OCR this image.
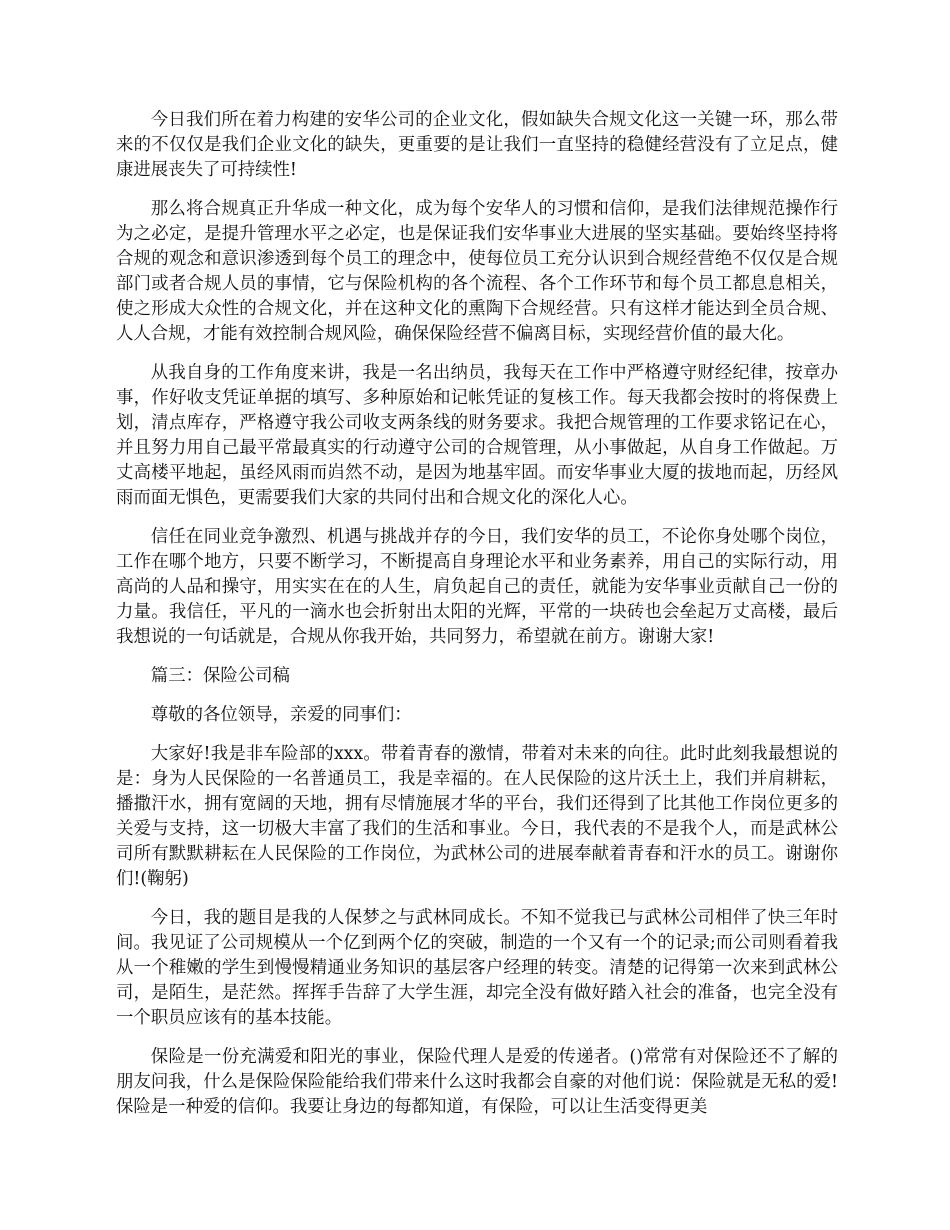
今日我们所在着力构建的安华公司的企业文化，假如缺失合规文化这一关键一环，那么带来的不仅仅是我们企业文化的缺失，更重要的是让我们一直坚持的稳健经营没有了立足点，健康进展丧失了可持续性!

那么将合规真正升华成一种文化，成为每个安华人的习惯和信仰，是我们法律规范操作行为之必定，是提升管理水平之必定，也是保证我们安华事业大进展的坚实基础。要始终坚持将合规的观念和意识渗透到每个员工的理念中，使每位员工充分认识到合规经营绝不仅仅是合规部门或者合规人员的事情，它与保险机构的各个流程、各个工作环节和每个员工都息息相关，使之形成大众性的合规文化，并在这种文化的熏陶下合规经营。只有这样才能达到全员合规、人人合规，才能有效控制合规风险，确保保险经营不偏离目标，实现经营价值的最大化。

从我自身的工作角度来讲，我是一名出纳员，我每天在工作中严格遵守财经纪律，按章办事，作好收支凭证单据的填写、多种原始和记帐凭证的复核工作。每天我都会按时的将保费上划，清点库存，严格遵守我公司收支两条线的财务要求。我把合规管理的工作要求铭记在心，并且努力用自己最平常最真实的行动遵守公司的合规管理，从小事做起，从自身工作做起。万丈高楼平地起，虽经风雨而岿然不动，是因为地基牢固。而安华事业大厦的拔地而起，历经风雨而面无惧色，更需要我们大家的共同付出和合规文化的深化人心。

信任在同业竞争激烈、机遇与挑战并存的今日，我们安华的员工，不论你身处哪个岗位，工作在哪个地方，只要不断学习，不断提高自身理论水平和业务素养，用自己的实际行动，用高尚的人品和操守，用实实在在的人生，肩负起自己的责任，就能为安华事业贡献自己一份的力量。我信任，平凡的一滴水也会折射出太阳的光辉，平常的一块砖也会垒起万丈高楼，最后我想说的一句话就是，合规从你我开始，共同努力，希望就在前方。谢谢大家!

篇三：保险公司稿

尊敬的各位领导，亲爱的同事们：

大家好!我是非车险部的xxx。带着青春的激情，带着对未来的向往。此时此刻我最想说的是：身为人民保险的一名普通员工，我是幸福的。在人民保险的这片沃土上，我们并肩耕耘，播撒汗水，拥有宽阔的天地，拥有尽情施展才华的平台，我们还得到了比其他工作岗位更多的关爱与支持，这一切极大丰富了我们的生活和事业。今日，我代表的不是我个人，而是武林公司所有默默耕耘在人民保险的工作岗位，为武林公司的进展奉献着青春和汗水的员工。谢谢你们!(鞠躬)

今日，我的题目是我的人保梦之与武林同成长。不知不觉我已与武林公司相伴了快三年时间。我见证了公司规模从一个亿到两个亿的突破，制造的一个又有一个的记录;而公司则看着我从一个稚嫩的学生到慢慢精通业务知识的基层客户经理的转变。清楚的记得第一次来到武林公司，是陌生，是茫然。挥挥手告辞了大学生涯，却完全没有做好踏入社会的准备，也完全没有一个职员应该有的基本技能。

保险是一份充满爱和阳光的事业，保险代理人是爱的传递者。()常常有对保险还不了解的朋友问我，什么是保险保险能给我们带来什么这时我都会自豪的对他们说：保险就是无私的爱!保险是一种爱的信仰。我要让身边的每都知道，有保险，可以让生活变得更美
